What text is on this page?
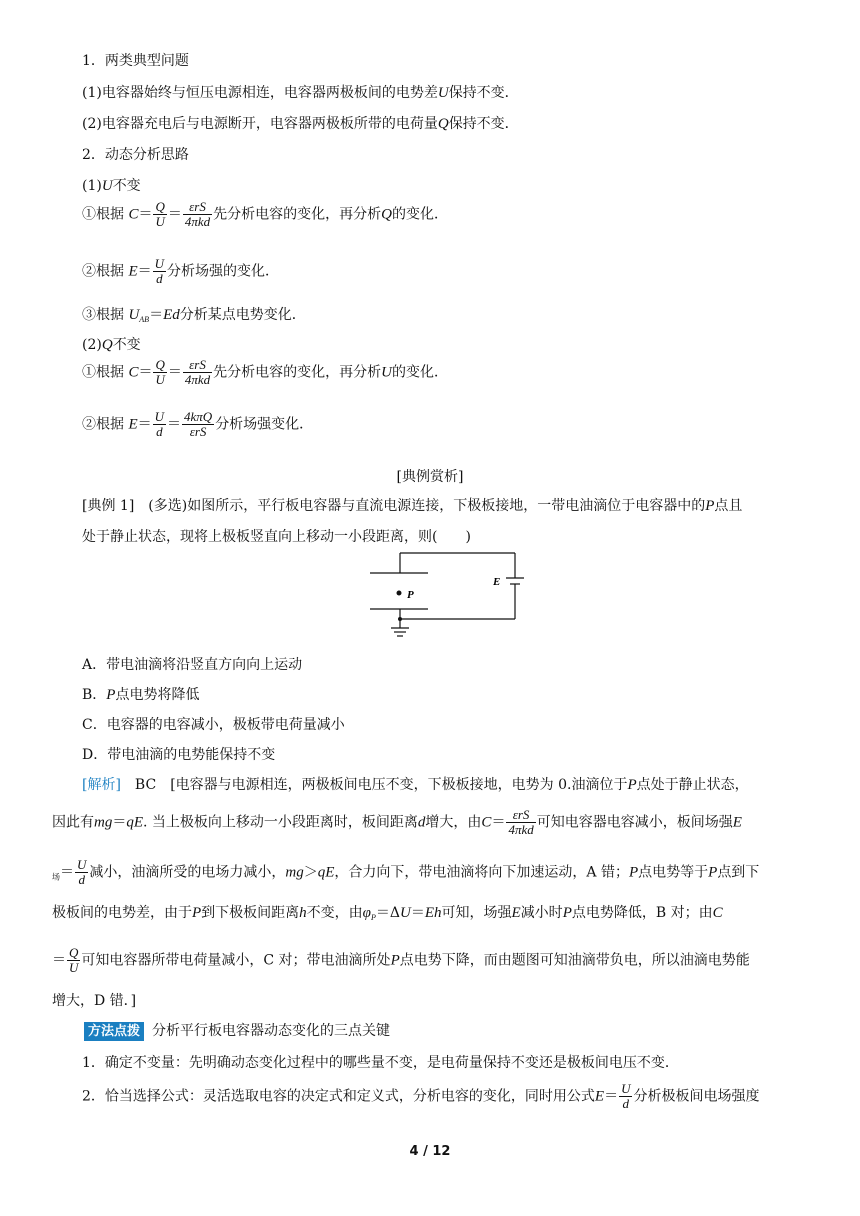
1．两类典型问题
(1)电容器始终与恒压电源相连，电容器两极板间的电势差U保持不变．
(2)电容器充电后与电源断开，电容器两极板所带的电荷量Q保持不变．
2．动态分析思路
(1)U不变
①根据 $C= \frac{Q}{U} = \frac{\text{εrS}}{\text{4πkd}}$ 先分析电容的变化，再分析Q的变化．
②根据 $E= \frac{U}{d}$ 分析场强的变化．
③根据 $U_{AB}=Ed$分析某点电势变化．
(2)Q不变
①根据 $C= \frac{Q}{U} = \frac{\text{εrS}}{\text{4πkd}}$ 先分析电容的变化，再分析U的变化．
②根据 $E= \frac{U}{d} = \frac{\text{4kπQ}}{\text{εrS}}$ 分析场强变化．
[典例赏析]
[典例 1]　(多选)如图所示，平行板电容器与直流电源连接，下极板接地，一带电油滴位于电容器中的P点且
处于静止状态，现将上极板竖直向上移动一小段距离，则(　　)
P
E
A．带电油滴将沿竖直方向向上运动
B．P点电势将降低
C．电容器的电容减小，极板带电荷量减小
D．带电油滴的电势能保持不变
[解析]　BC　[电容器与电源相连，两极板间电压不变，下极板接地，电势为 0.油滴位于P点处于静止状态，
因此有mg＝qE. 当上极板向上移动一小段距离时，板间距离d增大，由$C= \frac{\text{εrS}}{\text{4πkd}}$ 可知电容器电容减小，板间场强E
$_场= \frac{U}{d}$ 减小，油滴所受的电场力减小，mg＞qE，合力向下，带电油滴将向下加速运动，A 错；P点电势等于P点到下
极板间的电势差，由于P到下极板间距离h不变，由$\varphi_P=\Delta U=Eh$可知，场强E减小时P点电势降低，B 对；由C
＝ $\frac{Q}{U}$ 可知电容器所带电荷量减小，C 对；带电油滴所处P点电势下降，而由题图可知油滴带负电，所以油滴电势能
增大，D 错．]
方法点拨 分析平行板电容器动态变化的三点关键
1．确定不变量：先明确动态变化过程中的哪些量不变，是电荷量保持不变还是极板间电压不变．
2．恰当选择公式：灵活选取电容的决定式和定义式，分析电容的变化，同时用公式$E= \frac{U}{d}$ 分析极板间电场强度
4 / 12
